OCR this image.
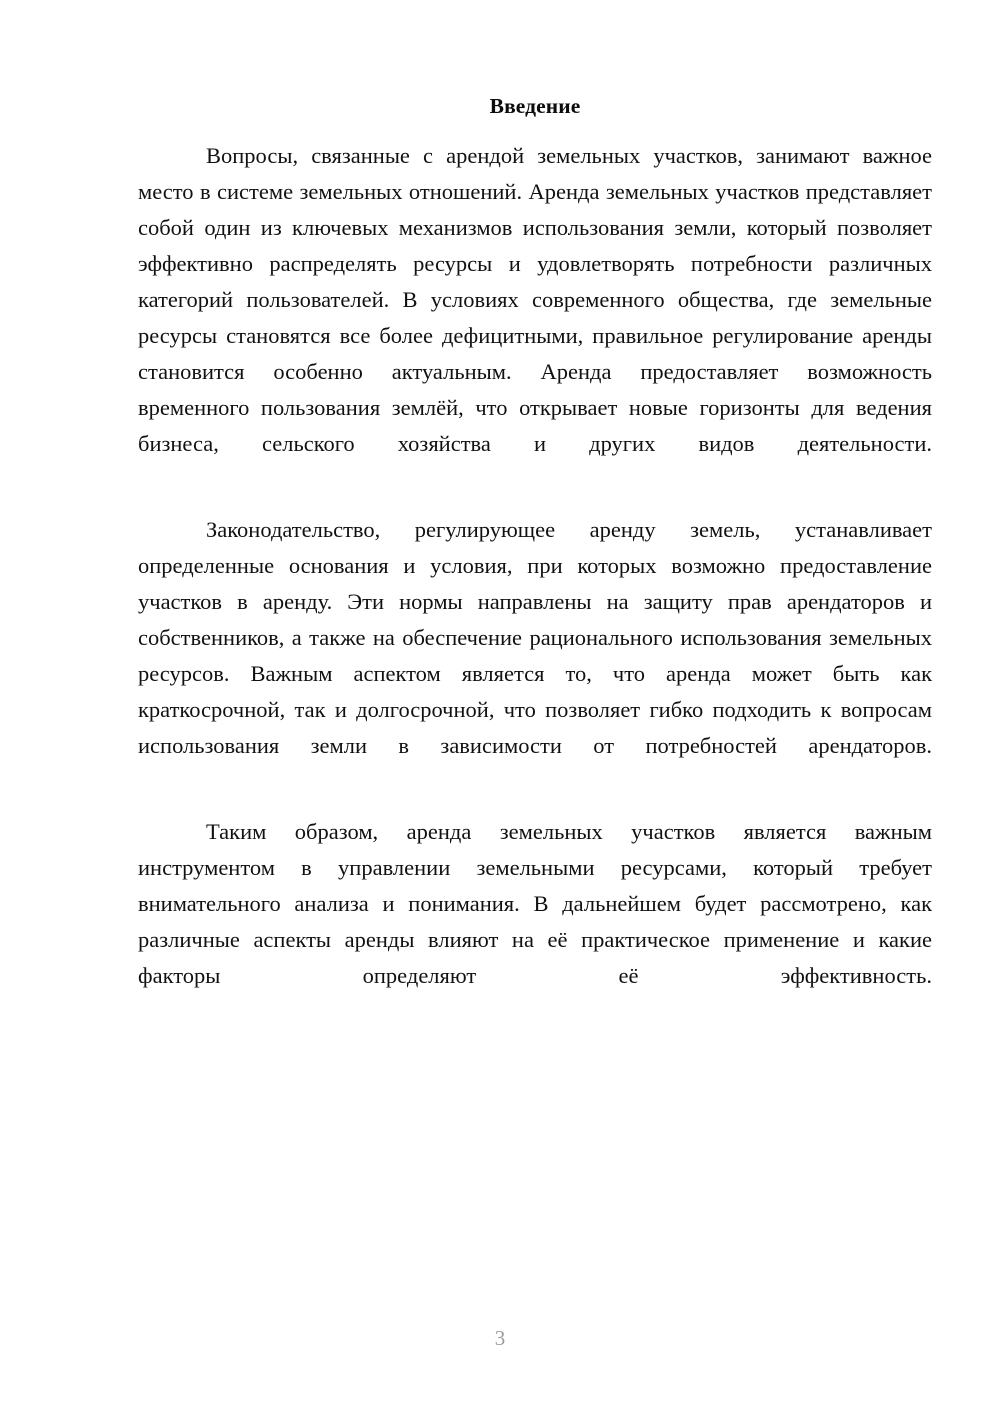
Введение

Вопросы, связанные с арендой земельных участков, занимают важное место в системе земельных отношений. Аренда земельных участков представляет собой один из ключевых механизмов использования земли, который позволяет эффективно распределять ресурсы и удовлетворять потребности различных категорий пользователей. В условиях современного общества, где земельные ресурсы становятся все более дефицитными, правильное регулирование аренды становится особенно актуальным. Аренда предоставляет возможность временного пользования землёй, что открывает новые горизонты для ведения бизнеса, сельского хозяйства и других видов деятельности.

Законодательство, регулирующее аренду земель, устанавливает определенные основания и условия, при которых возможно предоставление участков в аренду. Эти нормы направлены на защиту прав арендаторов и собственников, а также на обеспечение рационального использования земельных ресурсов. Важным аспектом является то, что аренда может быть как краткосрочной, так и долгосрочной, что позволяет гибко подходить к вопросам использования земли в зависимости от потребностей арендаторов.

Таким образом, аренда земельных участков является важным инструментом в управлении земельными ресурсами, который требует внимательного анализа и понимания. В дальнейшем будет рассмотрено, как различные аспекты аренды влияют на её практическое применение и какие факторы определяют её эффективность.

3
